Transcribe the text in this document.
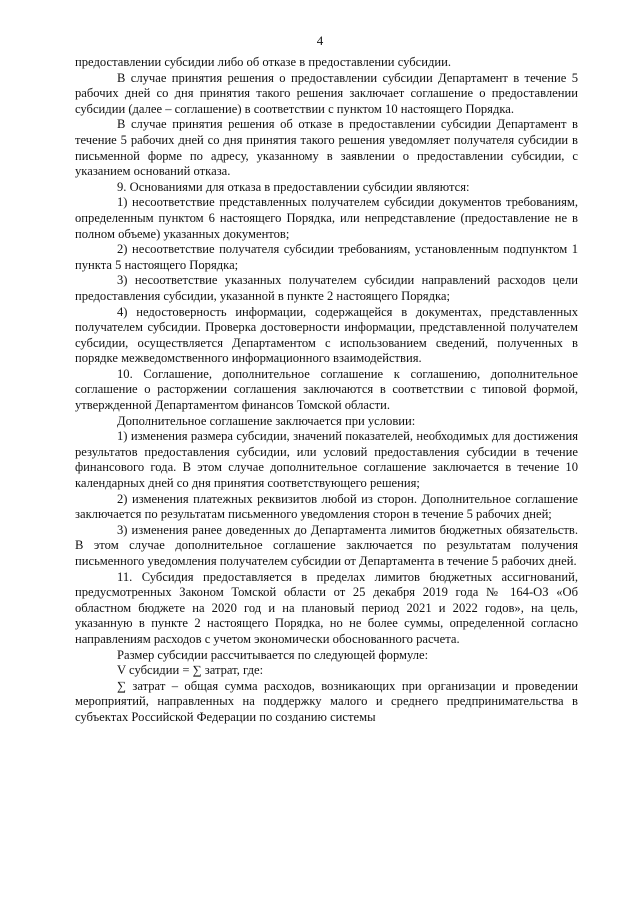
4

предоставлении субсидии либо об отказе в предоставлении субсидии.

В случае принятия решения о предоставлении субсидии Департамент в течение 5 рабочих дней со дня принятия такого решения заключает соглашение о предоставлении субсидии (далее – соглашение) в соответствии с пунктом 10 настоящего Порядка.

В случае принятия решения об отказе в предоставлении субсидии Департамент в течение 5 рабочих дней со дня принятия такого решения уведомляет получателя субсидии в письменной форме по адресу, указанному в заявлении о предоставлении субсидии, с указанием оснований отказа.

9. Основаниями для отказа в предоставлении субсидии являются:

1) несоответствие представленных получателем субсидии документов требованиям, определенным пунктом 6 настоящего Порядка, или непредставление (предоставление не в полном объеме) указанных документов;

2) несоответствие получателя субсидии требованиям, установленным подпунктом 1 пункта 5 настоящего Порядка;

3) несоответствие указанных получателем субсидии направлений расходов цели предоставления субсидии, указанной в пункте 2 настоящего Порядка;

4) недостоверность информации, содержащейся в документах, представленных получателем субсидии. Проверка достоверности информации, представленной получателем субсидии, осуществляется Департаментом с использованием сведений, полученных в порядке межведомственного информационного взаимодействия.

10. Соглашение, дополнительное соглашение к соглашению, дополнительное соглашение о расторжении соглашения заключаются в соответствии с типовой формой, утвержденной Департаментом финансов Томской области.

Дополнительное соглашение заключается при условии:

1) изменения размера субсидии, значений показателей, необходимых для достижения результатов предоставления субсидии, или условий предоставления субсидии в течение финансового года. В этом случае дополнительное соглашение заключается в течение 10 календарных дней со дня принятия соответствующего решения;

2) изменения платежных реквизитов любой из сторон. Дополнительное соглашение заключается по результатам письменного уведомления сторон в течение 5 рабочих дней;

3) изменения ранее доведенных до Департамента лимитов бюджетных обязательств. В этом случае дополнительное соглашение заключается по результатам получения письменного уведомления получателем субсидии от Департамента в течение 5 рабочих дней.

11. Субсидия предоставляется в пределах лимитов бюджетных ассигнований, предусмотренных Законом Томской области от 25 декабря 2019 года № 164-ОЗ «Об областном бюджете на 2020 год и на плановый период 2021 и 2022 годов», на цель, указанную в пункте 2 настоящего Порядка, но не более суммы, определенной согласно направлениям расходов с учетом экономически обоснованного расчета.

Размер субсидии рассчитывается по следующей формуле:

V субсидии = ∑ затрат, где:

∑ затрат – общая сумма расходов, возникающих при организации и проведении мероприятий, направленных на поддержку малого и среднего предпринимательства в субъектах Российской Федерации по созданию системы
